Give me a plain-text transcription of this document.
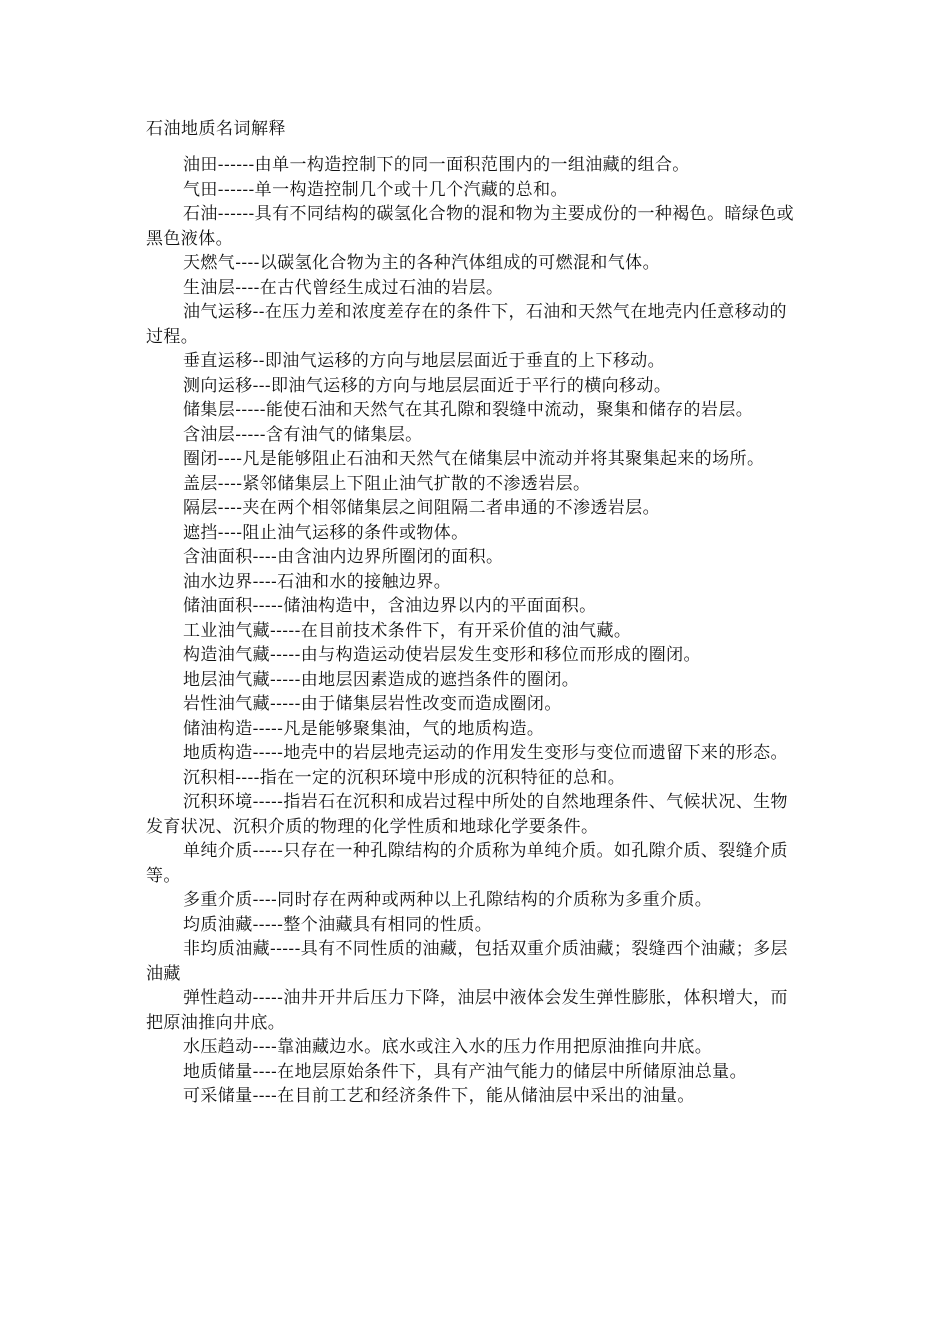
石油地质名词解释

油田------由单一构造控制下的同一面积范围内的一组油藏的组合。

气田------单一构造控制几个或十几个汽藏的总和。

石油------具有不同结构的碳氢化合物的混和物为主要成份的一种褐色。暗绿色或黑色液体。

天燃气----以碳氢化合物为主的各种汽体组成的可燃混和气体。

生油层----在古代曾经生成过石油的岩层。

油气运移--在压力差和浓度差存在的条件下，石油和天然气在地壳内任意移动的过程。

垂直运移--即油气运移的方向与地层层面近于垂直的上下移动。

测向运移---即油气运移的方向与地层层面近于平行的横向移动。

储集层-----能使石油和天然气在其孔隙和裂缝中流动，聚集和储存的岩层。

含油层-----含有油气的储集层。

圈闭----凡是能够阻止石油和天然气在储集层中流动并将其聚集起来的场所。

盖层----紧邻储集层上下阻止油气扩散的不渗透岩层。

隔层----夹在两个相邻储集层之间阻隔二者串通的不渗透岩层。

遮挡----阻止油气运移的条件或物体。

含油面积----由含油内边界所圈闭的面积。

油水边界----石油和水的接触边界。

储油面积-----储油构造中，含油边界以内的平面面积。

工业油气藏-----在目前技术条件下，有开采价值的油气藏。

构造油气藏-----由与构造运动使岩层发生变形和移位而形成的圈闭。

地层油气藏-----由地层因素造成的遮挡条件的圈闭。

岩性油气藏-----由于储集层岩性改变而造成圈闭。

储油构造-----凡是能够聚集油，气的地质构造。

地质构造-----地壳中的岩层地壳运动的作用发生变形与变位而遗留下来的形态。

沉积相----指在一定的沉积环境中形成的沉积特征的总和。

沉积环境-----指岩石在沉积和成岩过程中所处的自然地理条件、气候状况、生物发育状况、沉积介质的物理的化学性质和地球化学要条件。

单纯介质-----只存在一种孔隙结构的介质称为单纯介质。如孔隙介质、裂缝介质等。

多重介质----同时存在两种或两种以上孔隙结构的介质称为多重介质。

均质油藏-----整个油藏具有相同的性质。

非均质油藏-----具有不同性质的油藏，包括双重介质油藏；裂缝西个油藏；多层油藏

弹性趋动-----油井开井后压力下降，油层中液体会发生弹性膨胀，体积增大，而把原油推向井底。

水压趋动----靠油藏边水。底水或注入水的压力作用把原油推向井底。

地质储量----在地层原始条件下，具有产油气能力的储层中所储原油总量。

可采储量----在目前工艺和经济条件下，能从储油层中采出的油量。
